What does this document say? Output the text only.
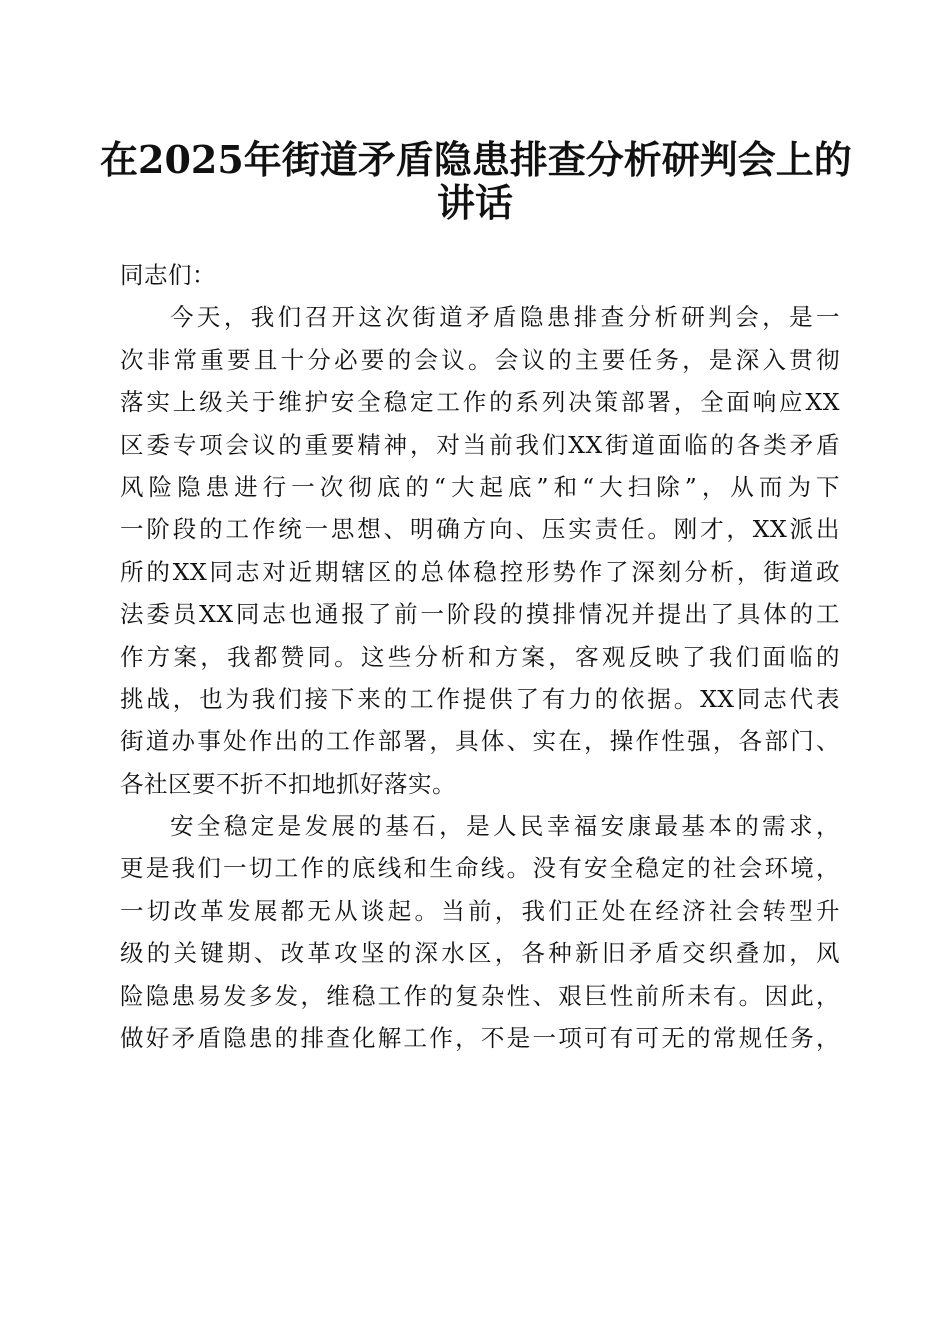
在2025年街道矛盾隐患排查分析研判会上的
讲话
同志们：
今天，我们召开这次街道矛盾隐患排查分析研判会，是一
次非常重要且十分必要的会议。会议的主要任务，是深入贯彻
落实上级关于维护安全稳定工作的系列决策部署，全面响应XX
区委专项会议的重要精神，对当前我们XX街道面临的各类矛盾
风险隐患进行一次彻底的“大起底”和“大扫除”，从而为下
一阶段的工作统一思想、明确方向、压实责任。刚才，XX派出
所的XX同志对近期辖区的总体稳控形势作了深刻分析，街道政
法委员XX同志也通报了前一阶段的摸排情况并提出了具体的工
作方案，我都赞同。这些分析和方案，客观反映了我们面临的
挑战，也为我们接下来的工作提供了有力的依据。XX同志代表
街道办事处作出的工作部署，具体、实在，操作性强，各部门、
各社区要不折不扣地抓好落实。
安全稳定是发展的基石，是人民幸福安康最基本的需求，
更是我们一切工作的底线和生命线。没有安全稳定的社会环境，
一切改革发展都无从谈起。当前，我们正处在经济社会转型升
级的关键期、改革攻坚的深水区，各种新旧矛盾交织叠加，风
险隐患易发多发，维稳工作的复杂性、艰巨性前所未有。因此，
做好矛盾隐患的排查化解工作，不是一项可有可无的常规任务，
